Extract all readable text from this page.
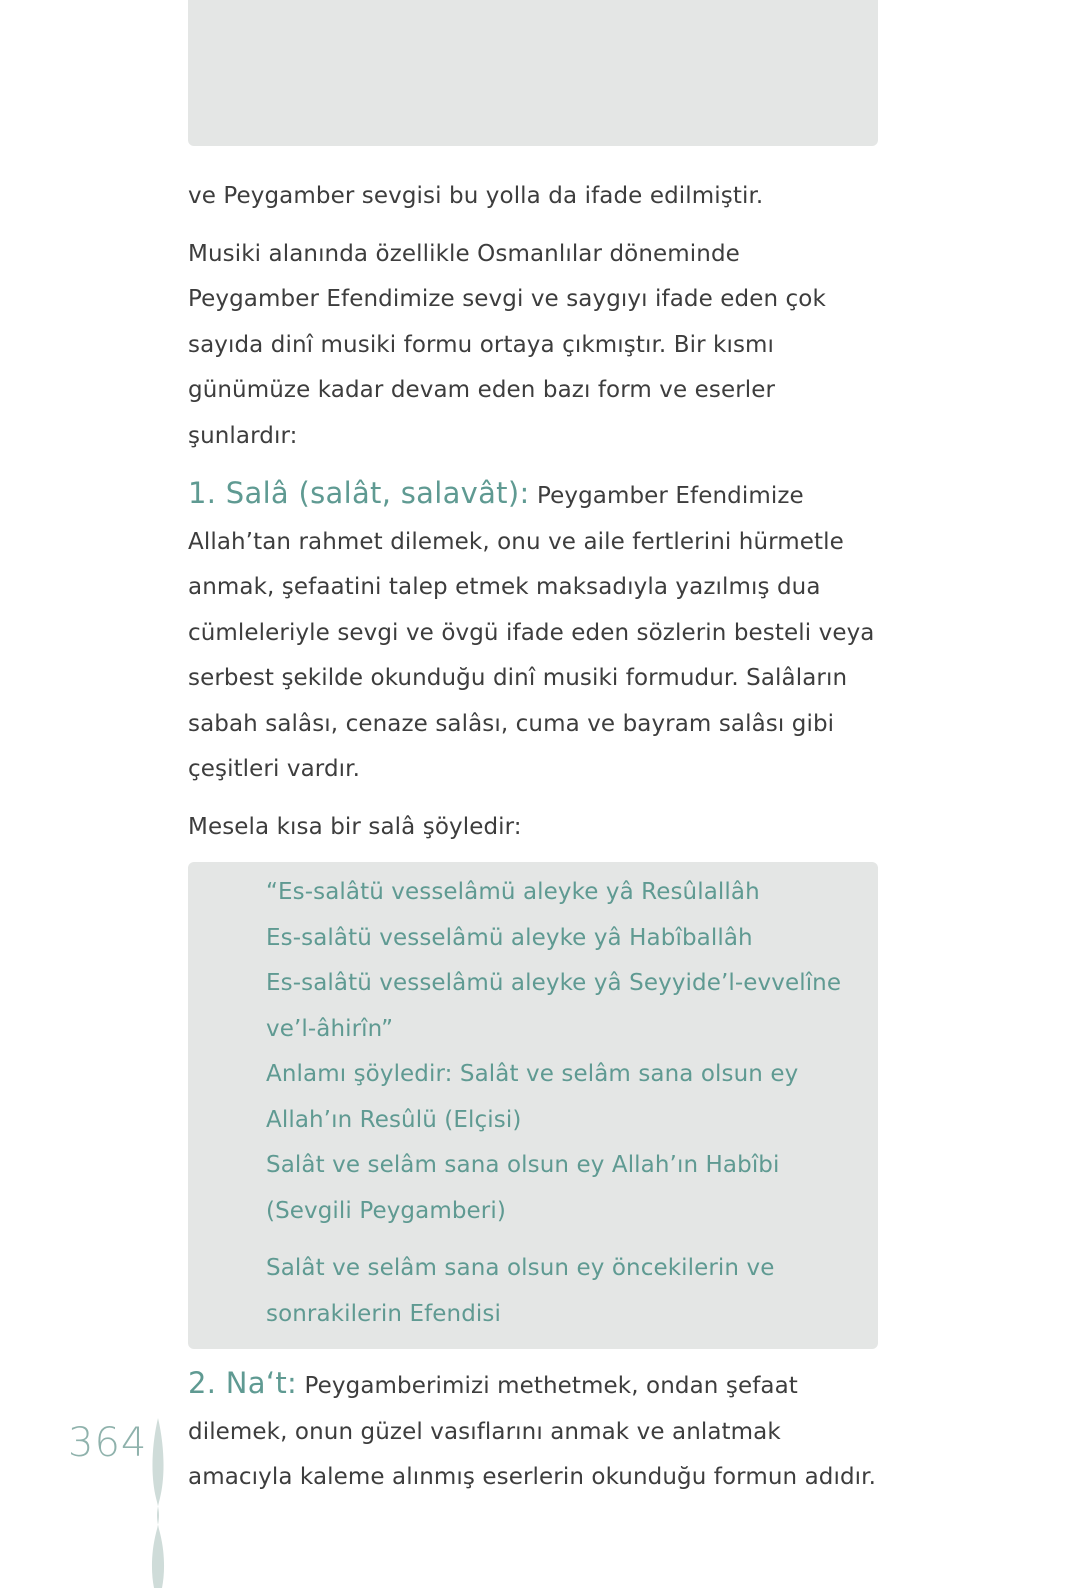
ve Peygamber sevgisi bu yolla da ifade edilmiştir.

Musiki alanında özellikle Osmanlılar döneminde Peygamber Efendimize sevgi ve saygıyı ifade eden çok sayıda dinî musiki formu ortaya çıkmıştır. Bir kısmı günümüze kadar devam eden bazı form ve eserler şunlardır:

1. Salâ (salât, salavât): Peygamber Efendimize Allah’tan rahmet dilemek, onu ve aile fertlerini hürmetle anmak, şefaatini talep etmek maksadıyla yazılmış dua cümleleriyle sevgi ve övgü ifade eden sözlerin besteli veya serbest şekilde okunduğu dinî musiki formudur. Salâların sabah salâsı, cenaze salâsı, cuma ve bayram salâsı gibi çeşitleri vardır.

Mesela kısa bir salâ şöyledir:

“Es-salâtü vesselâmü aleyke yâ Resûlallâh

Es-salâtü vesselâmü aleyke yâ Habîballâh

Es-salâtü vesselâmü aleyke yâ Seyyide’l-evvelîne ve’l-âhirîn”

Anlamı şöyledir: Salât ve selâm sana olsun ey Allah’ın Resûlü (Elçisi)

Salât ve selâm sana olsun ey Allah’ın Habîbi (Sevgili Peygamberi)

Salât ve selâm sana olsun ey öncekilerin ve sonrakilerin Efendisi

2. Na‘t: Peygamberimizi methetmek, ondan şefaat dilemek, onun güzel vasıflarını anmak ve anlatmak amacıyla kaleme alınmış eserlerin okunduğu formun adıdır.

364
